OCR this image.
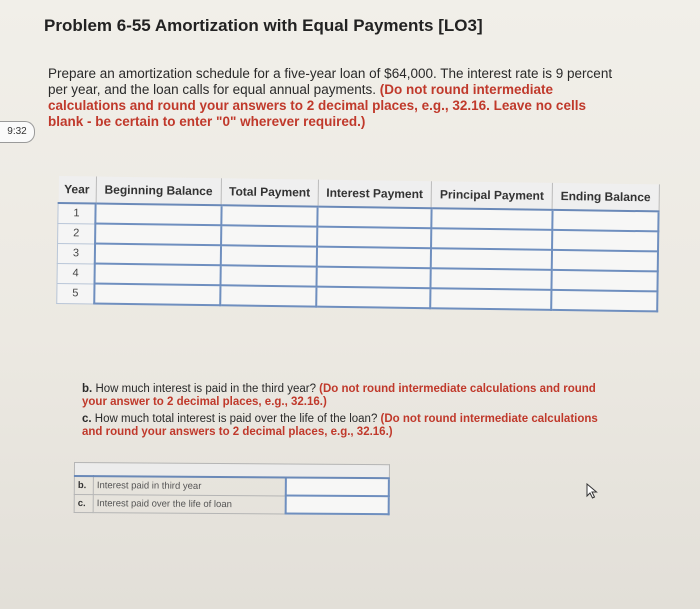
9:32
Problem 6-55 Amortization with Equal Payments [LO3]

Prepare an amortization schedule for a five-year loan of $64,000. The interest rate is 9 percent per year, and the loan calls for equal annual payments. (Do not round intermediate calculations and round your answers to 2 decimal places, e.g., 32.16. Leave no cells blank - be certain to enter "0" wherever required.)

Year	Beginning Balance	Total Payment	Interest Payment	Principal Payment	Ending Balance
1					
2					
3					
4					
5					

b. How much interest is paid in the third year? (Do not round intermediate calculations and round your answer to 2 decimal places, e.g., 32.16.)

c. How much total interest is paid over the life of the loan? (Do not round intermediate calculations and round your answers to 2 decimal places, e.g., 32.16.)

b.	Interest paid in third year	
c.	Interest paid over the life of loan	
